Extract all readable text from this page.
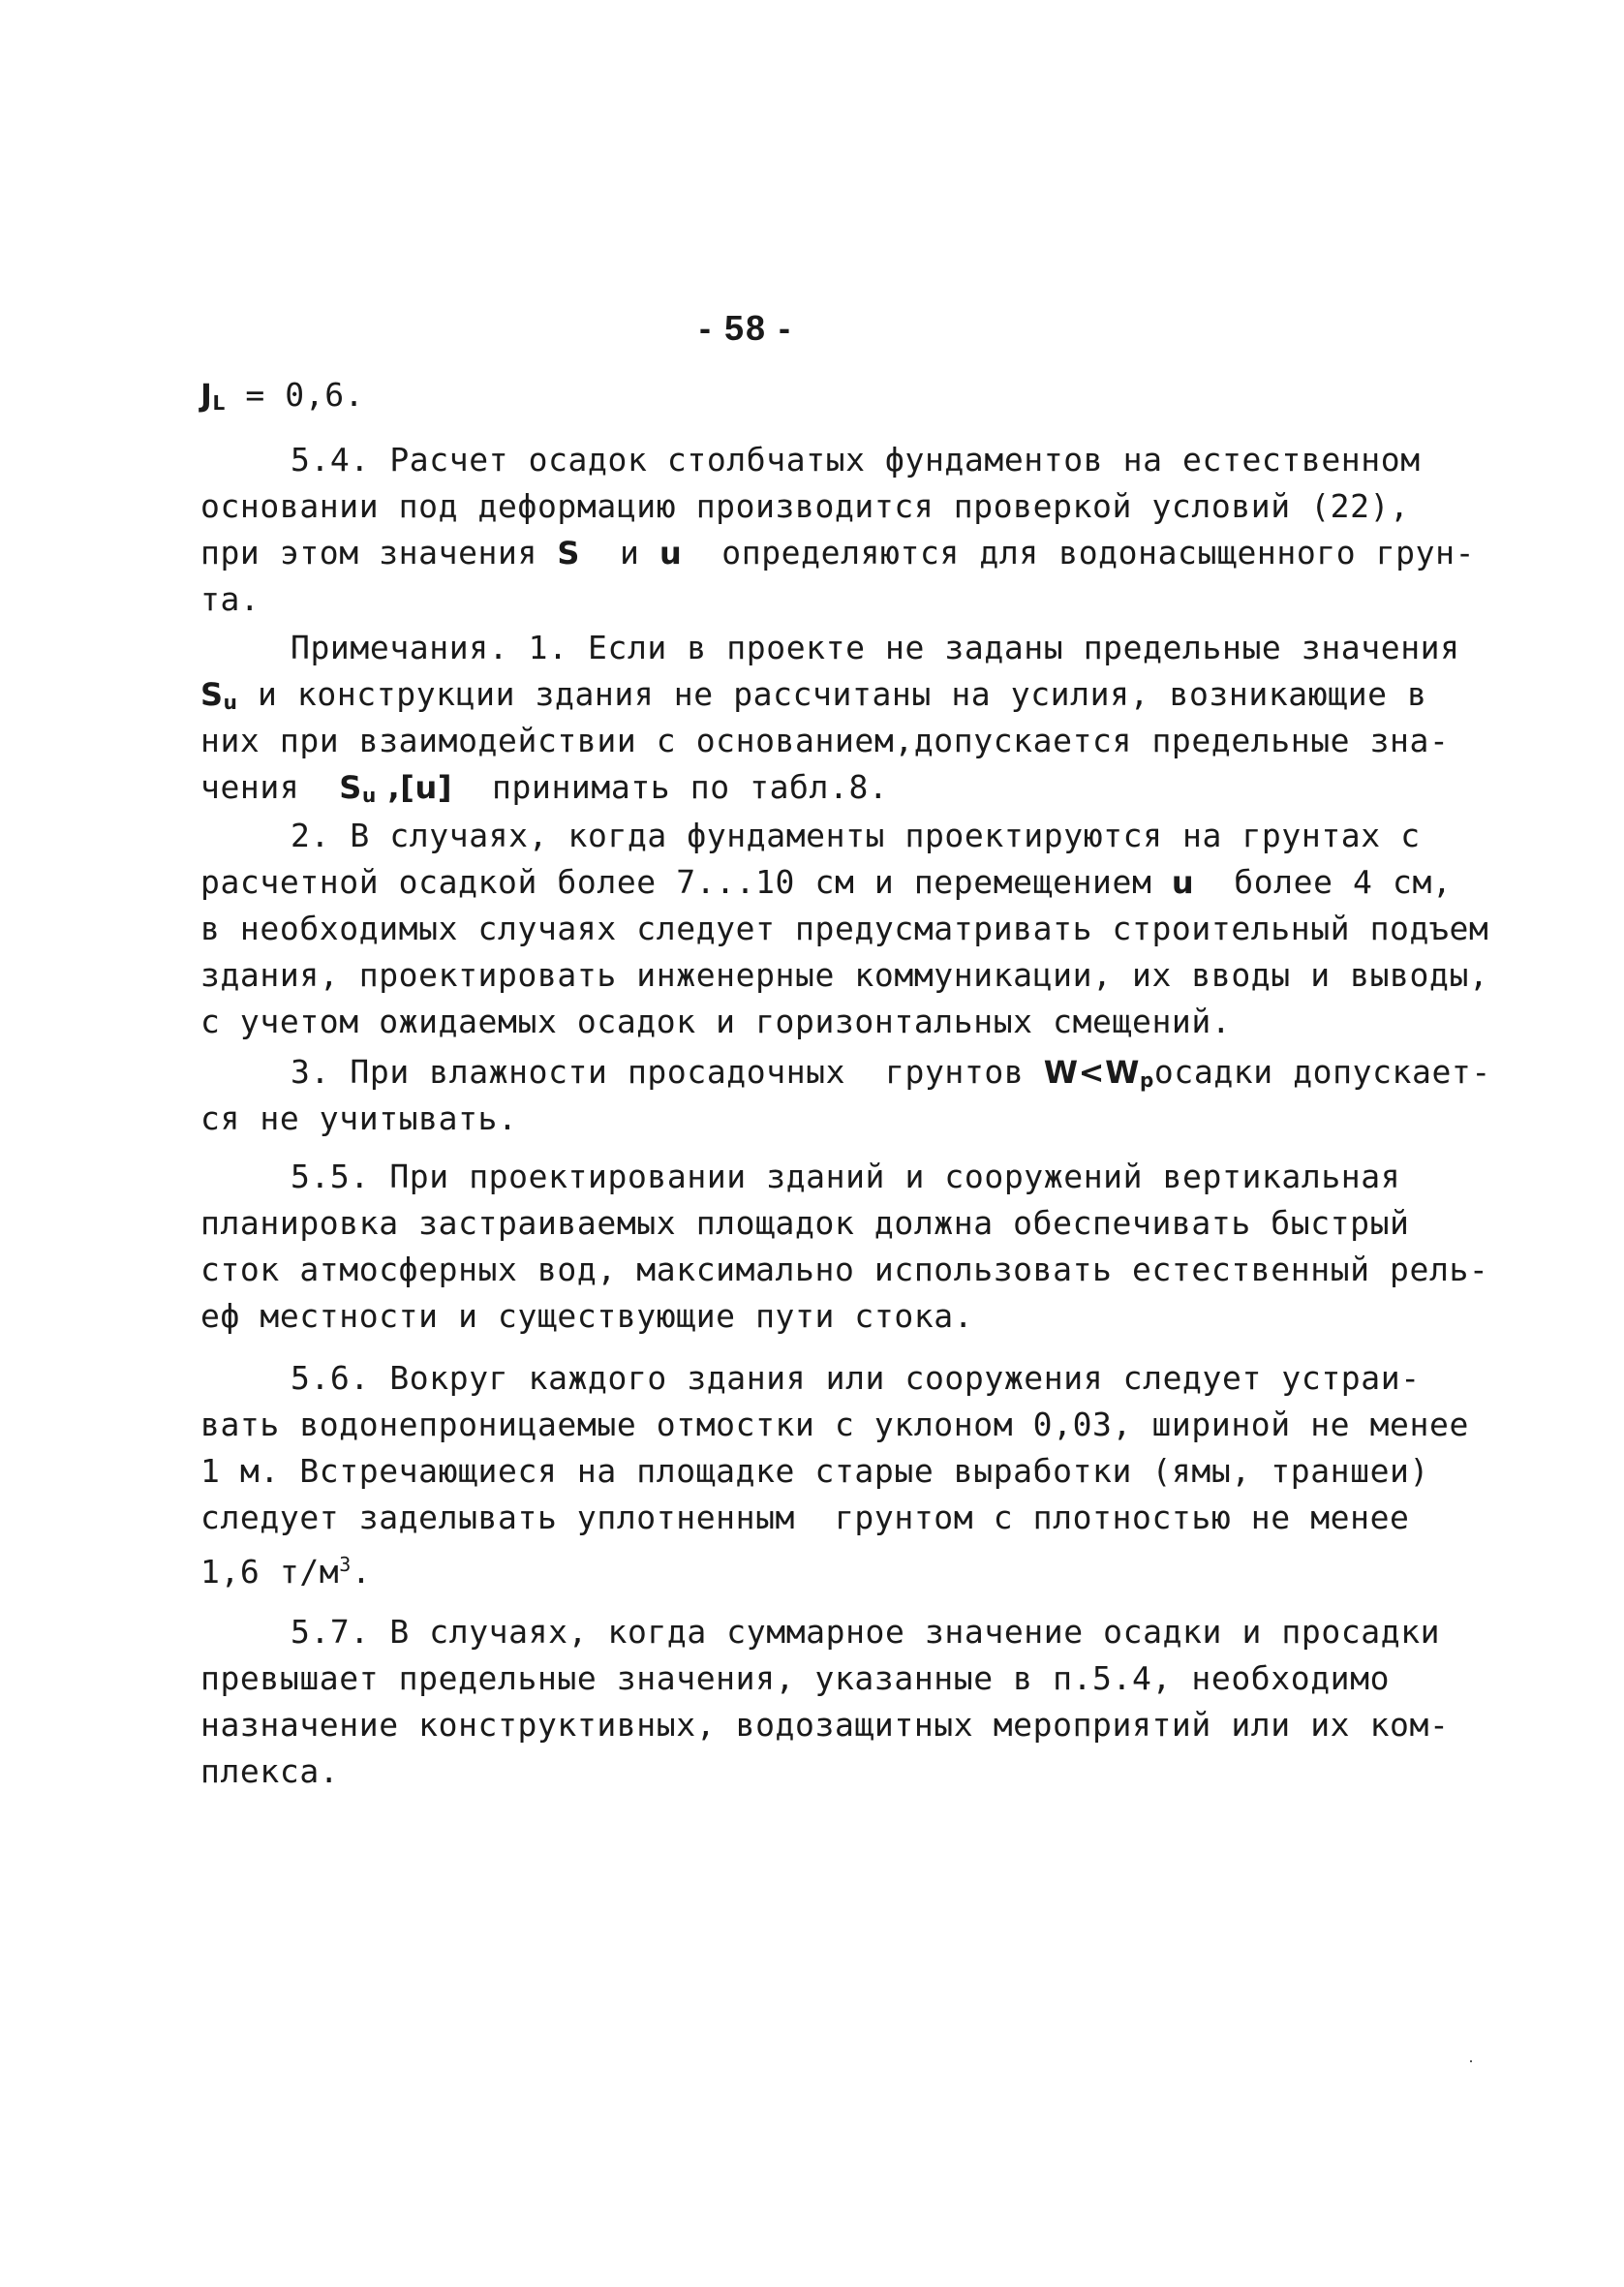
- 58 -
JL = 0,6.
5.4. Расчет осадок столбчатых фундаментов на естественном
основании под деформацию производится проверкой условий (22),
при этом значения S  и u  определяются для водонасыщенного грун-
та.
Примечания. 1. Если в проекте не заданы предельные значения
Su и конструкции здания не рассчитаны на усилия, возникающие в
них при взаимодействии с основанием,допускается предельные зна-
чения  Su ,[u]  принимать по табл.8.
2. В случаях, когда фундаменты проектируются на грунтах с
расчетной осадкой более 7...10 см и перемещением u  более 4 см,
в необходимых случаях следует предусматривать строительный подъем
здания, проектировать инженерные коммуникации, их вводы и выводы,
с учетом ожидаемых осадок и горизонтальных смещений.
3. При влажности просадочных  грунтов W<Wpосадки допускает-
ся не учитывать.
5.5. При проектировании зданий и сооружений вертикальная
планировка застраиваемых площадок должна обеспечивать быстрый
сток атмосферных вод, максимально использовать естественный рель-
еф местности и существующие пути стока.
5.6. Вокруг каждого здания или сооружения следует устраи-
вать водонепроницаемые отмостки с уклоном 0,03, шириной не менее
1 м. Встречающиеся на площадке старые выработки (ямы, траншеи)
следует заделывать уплотненным  грунтом с плотностью не менее
1,6 $т/м^3$.
5.7. В случаях, когда суммарное значение осадки и просадки
превышает предельные значения, указанные в п.5.4, необходимо
назначение конструктивных, водозащитных мероприятий или их ком-
плекса.
